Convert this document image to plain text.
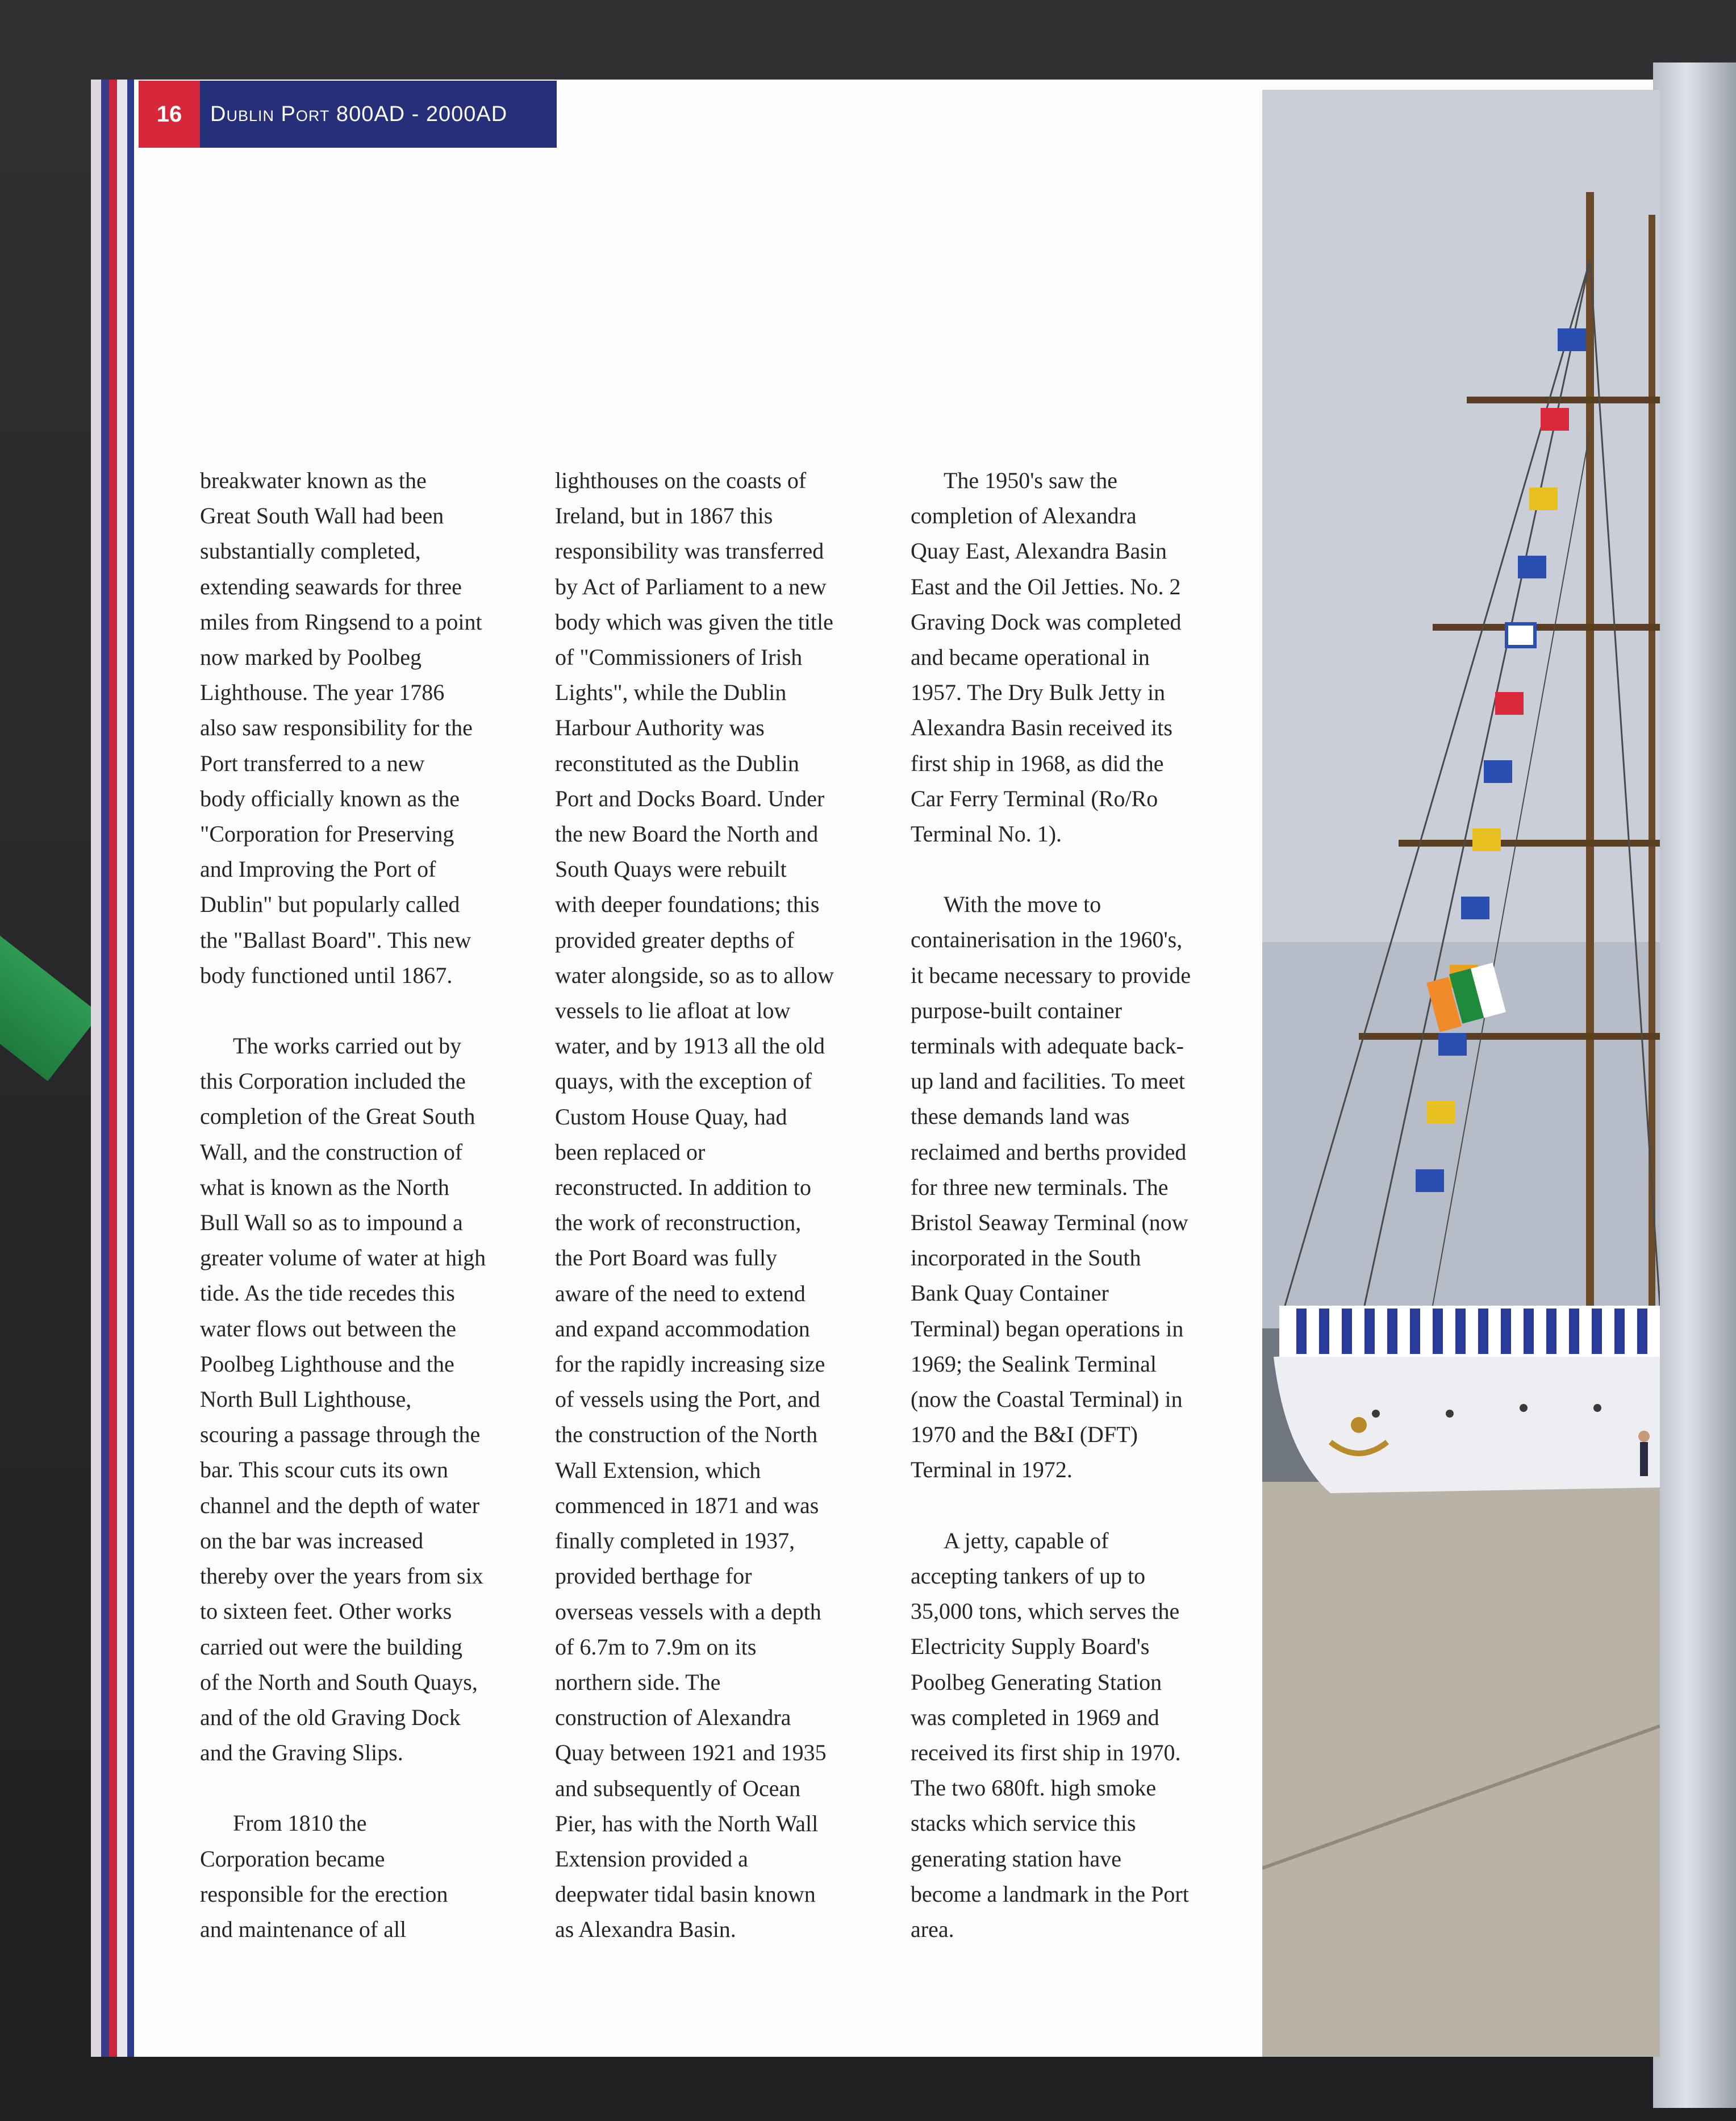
16	Dublin Port 800AD - 2000AD

breakwater known as the
Great South Wall had been
substantially completed,
extending seawards for three
miles from Ringsend to a point
now marked by Poolbeg
Lighthouse. The year 1786
also saw responsibility for the
Port transferred to a new
body officially known as the
"Corporation for Preserving
and Improving the Port of
Dublin" but popularly called
the "Ballast Board". This new
body functioned until 1867.

The works carried out by
this Corporation included the
completion of the Great South
Wall, and the construction of
what is known as the North
Bull Wall so as to impound a
greater volume of water at high
tide. As the tide recedes this
water flows out between the
Poolbeg Lighthouse and the
North Bull Lighthouse,
scouring a passage through the
bar. This scour cuts its own
channel and the depth of water
on the bar was increased
thereby over the years from six
to sixteen feet. Other works
carried out were the building
of the North and South Quays,
and of the old Graving Dock
and the Graving Slips.

From 1810 the
Corporation became
responsible for the erection
and maintenance of all

lighthouses on the coasts of
Ireland, but in 1867 this
responsibility was transferred
by Act of Parliament to a new
body which was given the title
of "Commissioners of Irish
Lights", while the Dublin
Harbour Authority was
reconstituted as the Dublin
Port and Docks Board. Under
the new Board the North and
South Quays were rebuilt
with deeper foundations; this
provided greater depths of
water alongside, so as to allow
vessels to lie afloat at low
water, and by 1913 all the old
quays, with the exception of
Custom House Quay, had
been replaced or
reconstructed. In addition to
the work of reconstruction,
the Port Board was fully
aware of the need to extend
and expand accommodation
for the rapidly increasing size
of vessels using the Port, and
the construction of the North
Wall Extension, which
commenced in 1871 and was
finally completed in 1937,
provided berthage for
overseas vessels with a depth
of 6.7m to 7.9m on its
northern side. The
construction of Alexandra
Quay between 1921 and 1935
and subsequently of Ocean
Pier, has with the North Wall
Extension provided a
deepwater tidal basin known
as Alexandra Basin.

The 1950's saw the
completion of Alexandra
Quay East, Alexandra Basin
East and the Oil Jetties. No. 2
Graving Dock was completed
and became operational in
1957. The Dry Bulk Jetty in
Alexandra Basin received its
first ship in 1968, as did the
Car Ferry Terminal (Ro/Ro
Terminal No. 1).

With the move to
containerisation in the 1960's,
it became necessary to provide
purpose-built container
terminals with adequate back-
up land and facilities. To meet
these demands land was
reclaimed and berths provided
for three new terminals. The
Bristol Seaway Terminal (now
incorporated in the South
Bank Quay Container
Terminal) began operations in
1969; the Sealink Terminal
(now the Coastal Terminal) in
1970 and the B&I (DFT)
Terminal in 1972.

A jetty, capable of
accepting tankers of up to
35,000 tons, which serves the
Electricity Supply Board's
Poolbeg Generating Station
was completed in 1969 and
received its first ship in 1970.
The two 680ft. high smoke
stacks which service this
generating station have
become a landmark in the Port
area.
